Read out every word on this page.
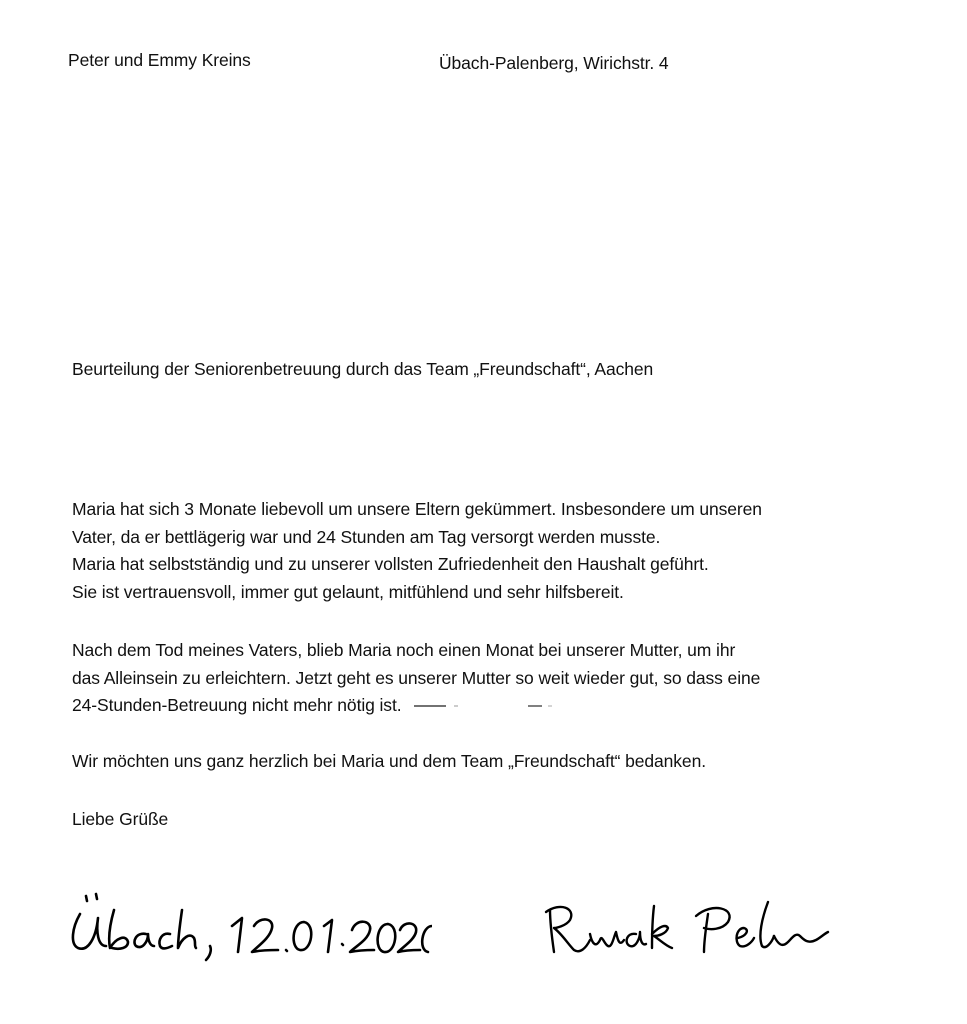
Peter und Emmy Kreins	Übach-Palenberg, Wirichstr. 4
Beurteilung der Seniorenbetreuung durch das Team „Freundschaft“, Aachen
Maria hat sich 3 Monate liebevoll um unsere Eltern gekümmert. Insbesondere um unseren
Vater, da er bettlägerig war und 24 Stunden am Tag versorgt werden musste.
Maria hat selbstständig und zu unserer vollsten Zufriedenheit den Haushalt geführt.
Sie ist vertrauensvoll, immer gut gelaunt, mitfühlend und sehr hilfsbereit.
Nach dem Tod meines Vaters, blieb Maria noch einen Monat bei unserer Mutter, um ihr
das Alleinsein zu erleichtern. Jetzt geht es unserer Mutter so weit wieder gut, so dass eine
24-Stunden-Betreuung nicht mehr nötig ist.
Wir möchten uns ganz herzlich bei Maria und dem Team „Freundschaft“ bedanken.
Liebe Grüße
